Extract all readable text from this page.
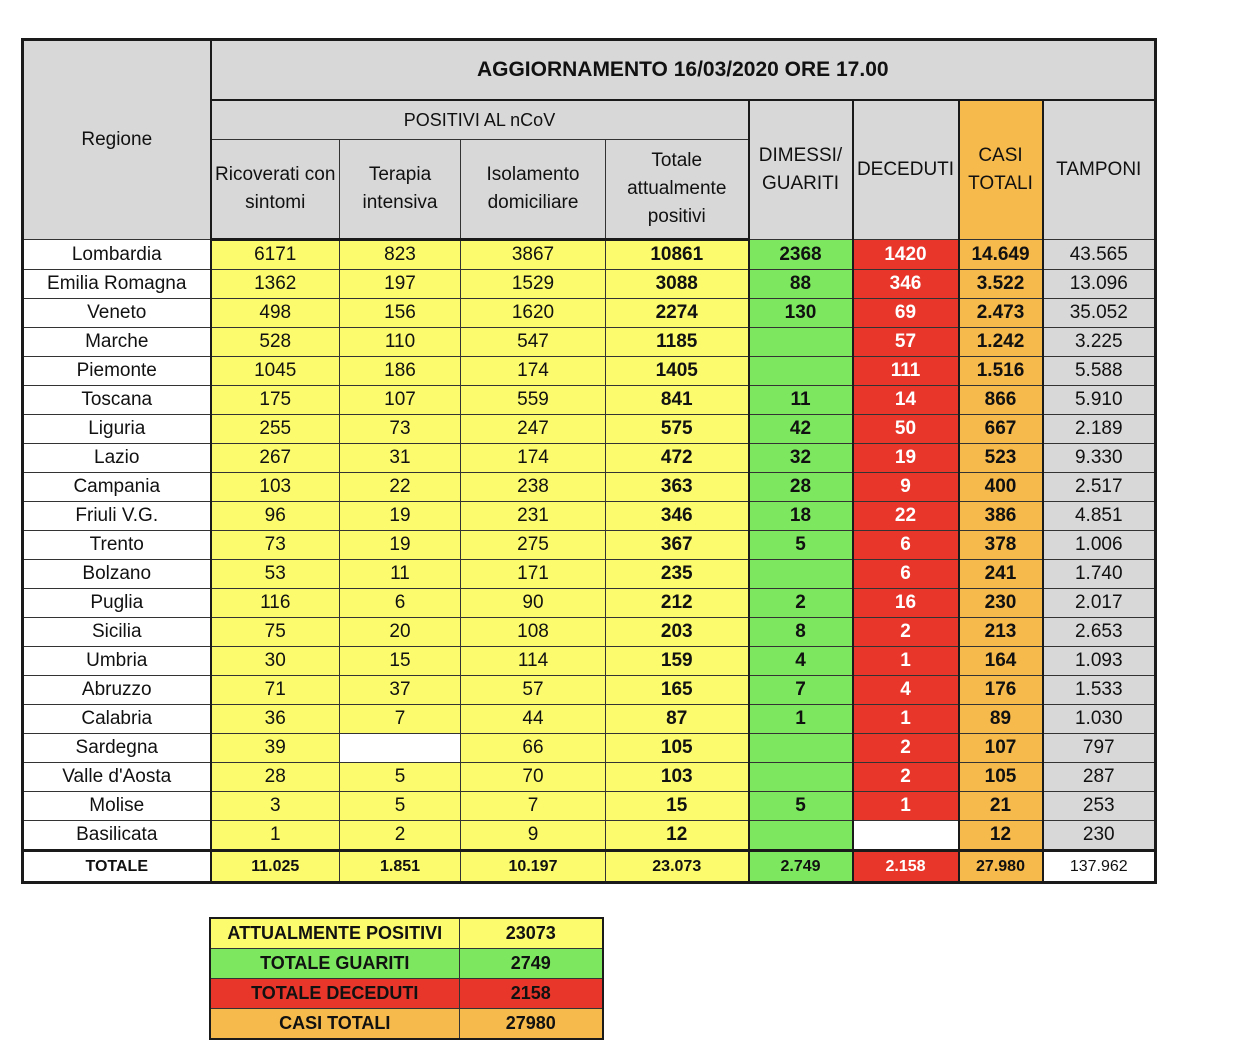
Regione	AGGIORNAMENTO 16/03/2020 ORE 17.00							
	POSITIVI AL nCoV				DIMESSI/ GUARITI	DECEDUTI	CASI TOTALI	TAMPONI
	Ricoverati con sintomi	Terapia intensiva	Isolamento domiciliare	Totale attualmente positivi				
Lombardia	6171	823	3867	10861	2368	1420	14.649	43.565
Emilia Romagna	1362	197	1529	3088	88	346	3.522	13.096
Veneto	498	156	1620	2274	130	69	2.473	35.052
Marche	528	110	547	1185		57	1.242	3.225
Piemonte	1045	186	174	1405		111	1.516	5.588
Toscana	175	107	559	841	11	14	866	5.910
Liguria	255	73	247	575	42	50	667	2.189
Lazio	267	31	174	472	32	19	523	9.330
Campania	103	22	238	363	28	9	400	2.517
Friuli V.G.	96	19	231	346	18	22	386	4.851
Trento	73	19	275	367	5	6	378	1.006
Bolzano	53	11	171	235		6	241	1.740
Puglia	116	6	90	212	2	16	230	2.017
Sicilia	75	20	108	203	8	2	213	2.653
Umbria	30	15	114	159	4	1	164	1.093
Abruzzo	71	37	57	165	7	4	176	1.533
Calabria	36	7	44	87	1	1	89	1.030
Sardegna	39		66	105		2	107	797
Valle d'Aosta	28	5	70	103		2	105	287
Molise	3	5	7	15	5	1	21	253
Basilicata	1	2	9	12			12	230
TOTALE	11.025	1.851	10.197	23.073	2.749	2.158	27.980	137.962
ATTUALMENTE POSITIVI	23073
TOTALE GUARITI	2749
TOTALE DECEDUTI	2158
CASI TOTALI	27980
